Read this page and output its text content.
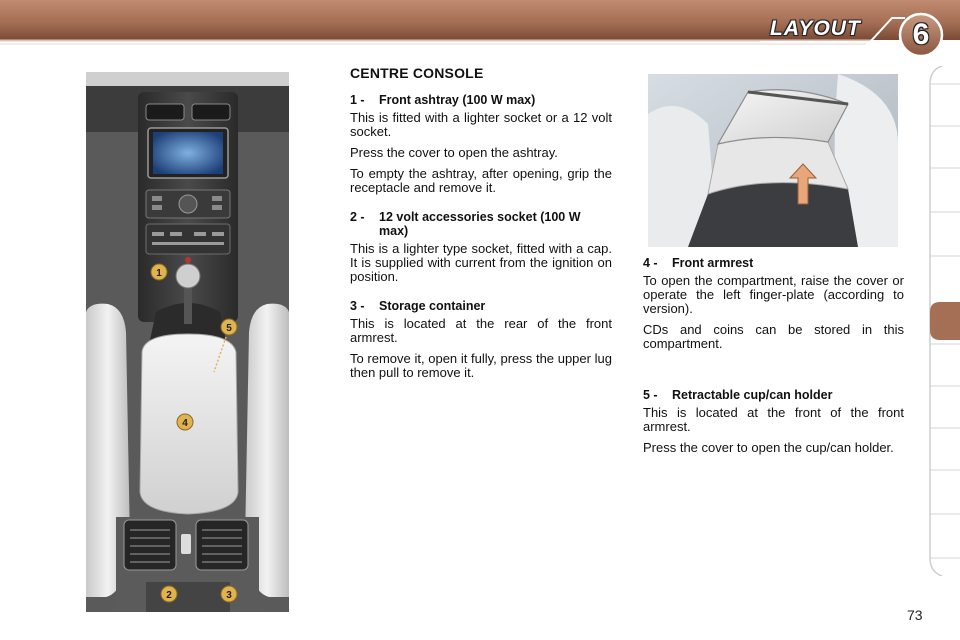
LAYOUT	6
1
5
4
2	3
CENTRE CONSOLE
1 -	Front ashtray (100 W max)

This is fitted with a lighter socket or a 12 volt socket.

Press the cover to open the ashtray.

To empty the ashtray, after opening, grip the receptacle and remove it.

2 -	12 volt accessories socket (100 W max)

This is a lighter type socket, fitted with a cap. It is supplied with current from the ignition on position.

3 -	Storage container

This is located at the rear of the front armrest.

To remove it, open it fully, press the upper lug then pull to remove it.

4 -	Front armrest

To open the compartment, raise the cover or operate the left finger-plate (according to version).

CDs and coins can be stored in this compartment.

5 -	Retractable cup/can holder

This is located at the front of the front armrest.

Press the cover to open the cup/can holder.

73
